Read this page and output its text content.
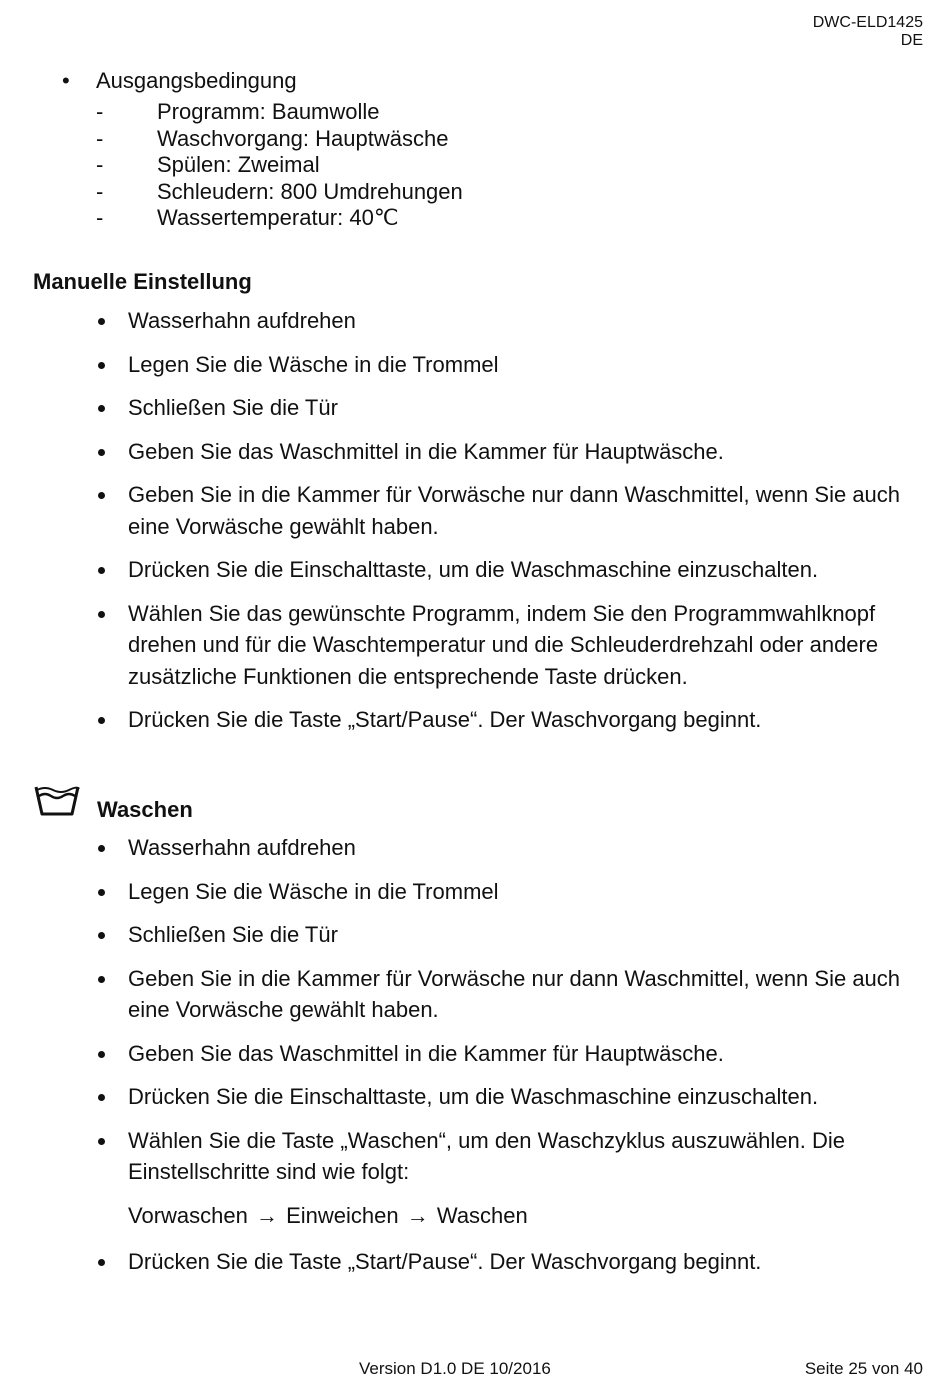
DWC-ELD1425
DE
• Ausgangsbedingung
- Programm: Baumwolle
- Waschvorgang: Hauptwäsche
- Spülen: Zweimal
- Schleudern: 800 Umdrehungen
- Wassertemperatur: 40℃
Manuelle Einstellung
Wasserhahn aufdrehen
Legen Sie die Wäsche in die Trommel
Schließen Sie die Tür
Geben Sie das Waschmittel in die Kammer für Hauptwäsche.
Geben Sie in die Kammer für Vorwäsche nur dann Waschmittel, wenn Sie auch eine Vorwäsche gewählt haben.
Drücken Sie die Einschalttaste, um die Waschmaschine einzuschalten.
Wählen Sie das gewünschte Programm, indem Sie den Programmwahlknopf drehen und für die Waschtemperatur und die Schleuderdrehzahl oder andere zusätzliche Funktionen die entsprechende Taste drücken.
Drücken Sie die Taste „Start/Pause“. Der Waschvorgang beginnt.
Waschen
Wasserhahn aufdrehen
Legen Sie die Wäsche in die Trommel
Schließen Sie die Tür
Geben Sie in die Kammer für Vorwäsche nur dann Waschmittel, wenn Sie auch eine Vorwäsche gewählt haben.
Geben Sie das Waschmittel in die Kammer für Hauptwäsche.
Drücken Sie die Einschalttaste, um die Waschmaschine einzuschalten.
Wählen Sie die Taste „Waschen“, um den Waschzyklus auszuwählen. Die Einstellschritte sind wie folgt:
Vorwaschen → Einweichen → Waschen
Drücken Sie die Taste „Start/Pause“. Der Waschvorgang beginnt.
Version D1.0 DE 10/2016	Seite 25 von 40
